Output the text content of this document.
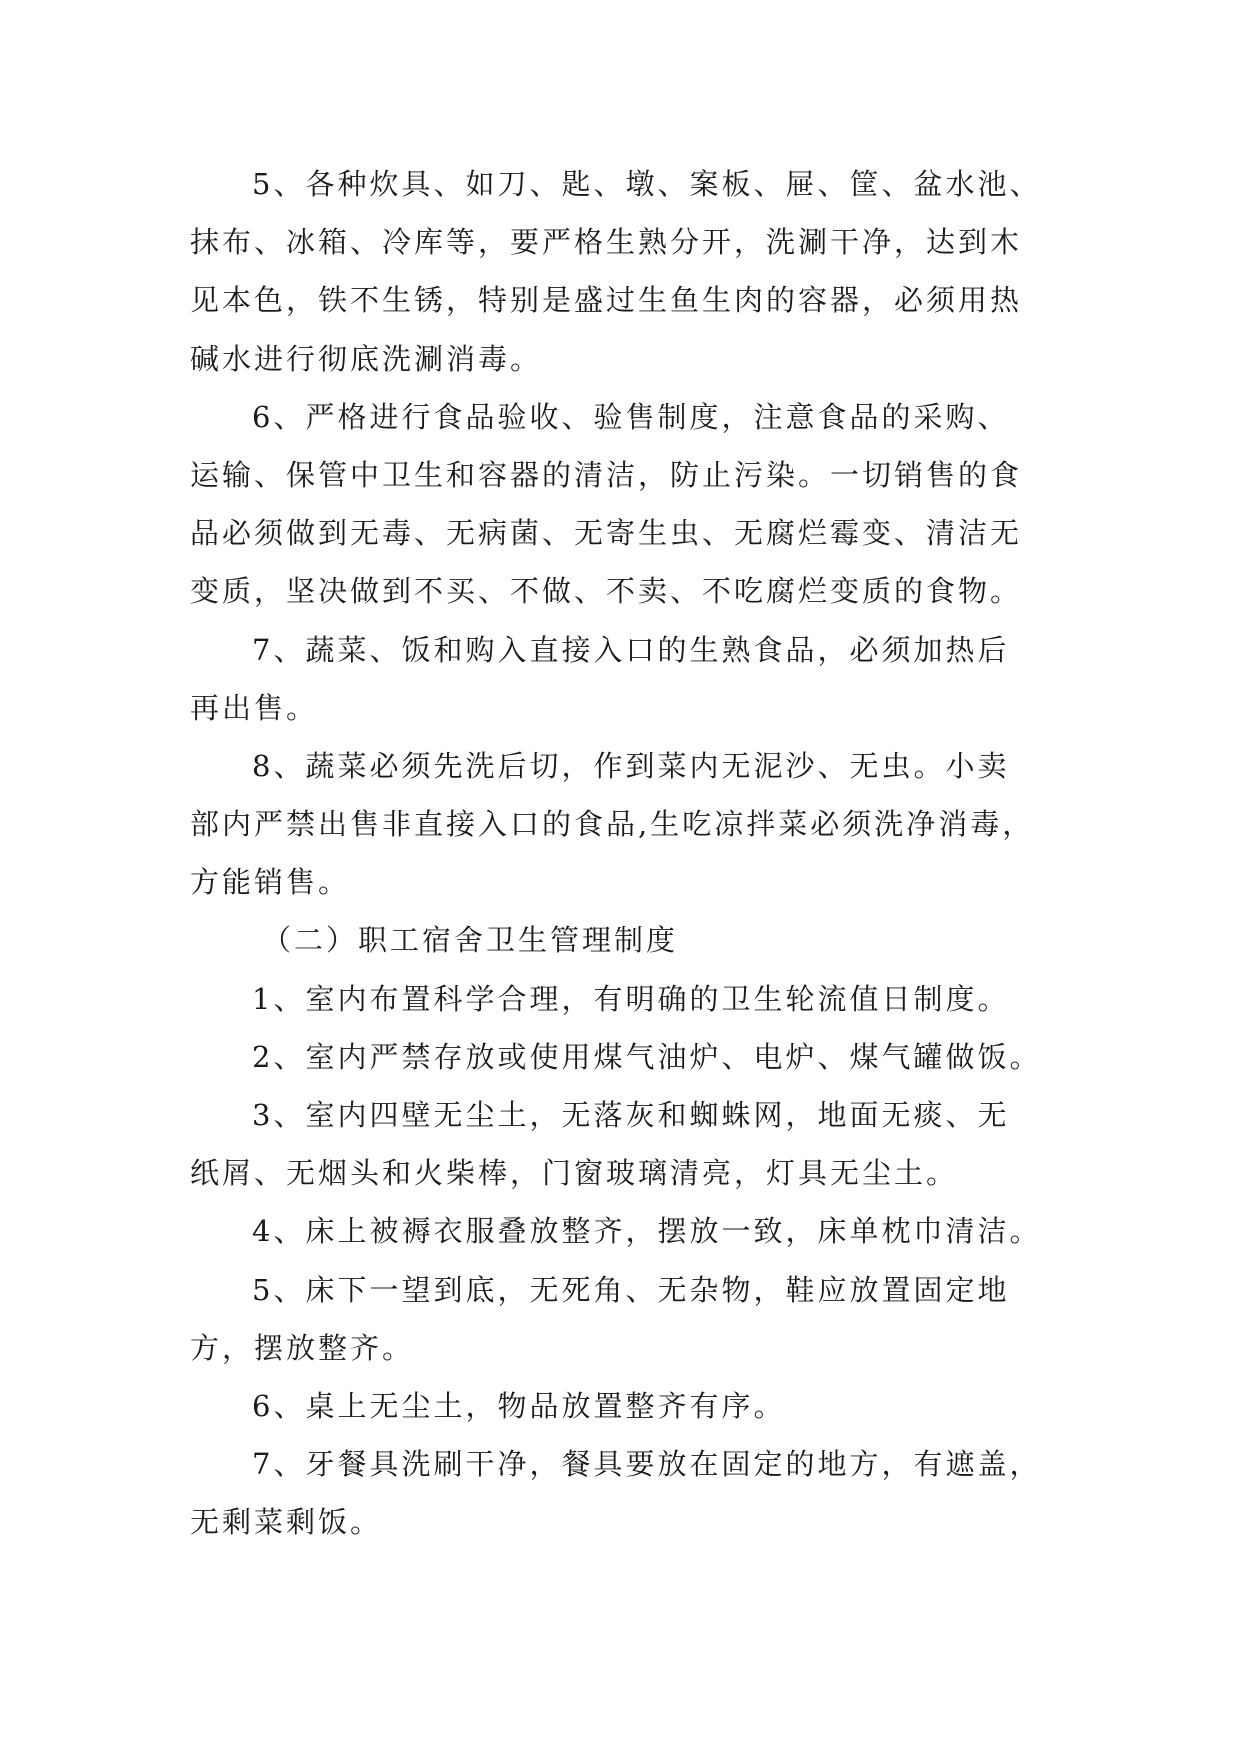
5、各种炊具、如刀、匙、墩、案板、屉、筐、盆水池、
抹布、冰箱、冷库等，要严格生熟分开，洗涮干净，达到木
见本色，铁不生锈，特别是盛过生鱼生肉的容器，必须用热
碱水进行彻底洗涮消毒。
6、严格进行食品验收、验售制度，注意食品的采购、
运输、保管中卫生和容器的清洁，防止污染。一切销售的食
品必须做到无毒、无病菌、无寄生虫、无腐烂霉变、清洁无
变质，坚决做到不买、不做、不卖、不吃腐烂变质的食物。
7、蔬菜、饭和购入直接入口的生熟食品，必须加热后
再出售。
8、蔬菜必须先洗后切，作到菜内无泥沙、无虫。小卖
部内严禁出售非直接入口的食品,生吃凉拌菜必须洗净消毒，
方能销售。
（二）职工宿舍卫生管理制度
1、室内布置科学合理，有明确的卫生轮流值日制度。
2、室内严禁存放或使用煤气油炉、电炉、煤气罐做饭。
3、室内四壁无尘土，无落灰和蜘蛛网，地面无痰、无
纸屑、无烟头和火柴棒，门窗玻璃清亮，灯具无尘土。
4、床上被褥衣服叠放整齐，摆放一致，床单枕巾清洁。
5、床下一望到底，无死角、无杂物，鞋应放置固定地
方，摆放整齐。
6、桌上无尘土，物品放置整齐有序。
7、牙餐具洗刷干净，餐具要放在固定的地方，有遮盖，
无剩菜剩饭。
